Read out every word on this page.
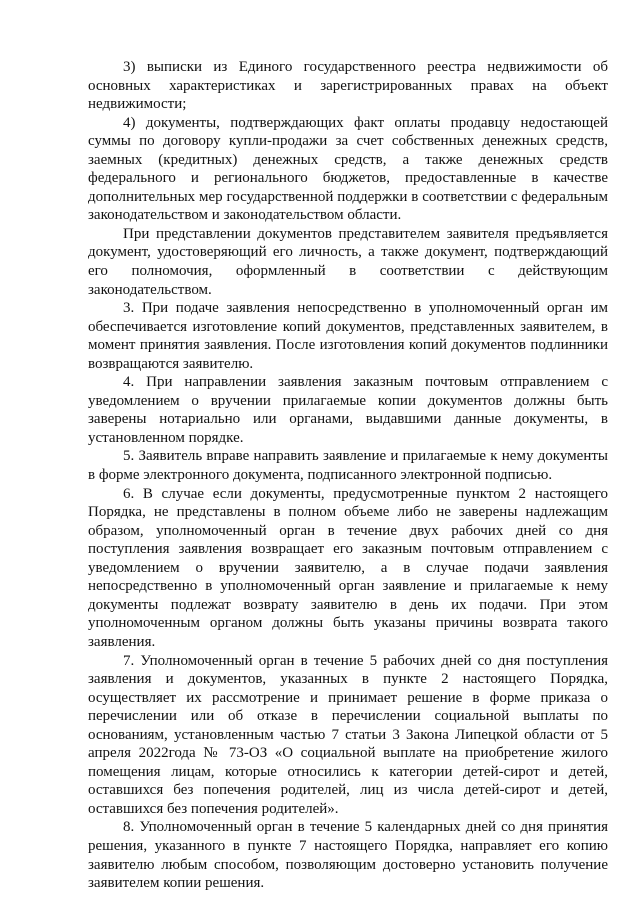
3) выписки из Единого государственного реестра недвижимости об основных характеристиках и зарегистрированных правах на объект недвижимости;

4) документы, подтверждающих факт оплаты продавцу недостающей суммы по договору купли-продажи за счет собственных денежных средств, заемных (кредитных) денежных средств, а также денежных средств федерального и регионального бюджетов, предоставленные в качестве дополнительных мер государственной поддержки в соответствии с федеральным законодательством и законодательством области.

При представлении документов представителем заявителя предъявляется документ, удостоверяющий его личность, а также документ, подтверждающий его полномочия, оформленный в соответствии с действующим законодательством.

3. При подаче заявления непосредственно в уполномоченный орган им обеспечивается изготовление копий документов, представленных заявителем, в момент принятия заявления. После изготовления копий документов подлинники возвращаются заявителю.

4. При направлении заявления заказным почтовым отправлением с уведомлением о вручении прилагаемые копии документов должны быть заверены нотариально или органами, выдавшими данные документы, в установленном порядке.

5. Заявитель вправе направить заявление и прилагаемые к нему документы в форме электронного документа, подписанного электронной подписью.

6. В случае если документы, предусмотренные пунктом 2 настоящего Порядка, не представлены в полном объеме либо не заверены надлежащим образом, уполномоченный орган в течение двух рабочих дней со дня поступления заявления возвращает его заказным почтовым отправлением с уведомлением о вручении заявителю, а в случае подачи заявления непосредственно в уполномоченный орган заявление и прилагаемые к нему документы подлежат возврату заявителю в день их подачи. При этом уполномоченным органом должны быть указаны причины возврата такого заявления.

7. Уполномоченный орган в течение 5 рабочих дней со дня поступления заявления и документов, указанных в пункте 2 настоящего Порядка, осуществляет их рассмотрение и принимает решение в форме приказа о перечислении или об отказе в перечислении социальной выплаты по основаниям, установленным частью 7 статьи 3 Закона Липецкой области от 5 апреля 2022года № 73-ОЗ «О социальной выплате на приобретение жилого помещения лицам, которые относились к категории детей-сирот и детей, оставшихся без попечения родителей, лиц из числа детей-сирот и детей, оставшихся без попечения родителей».

8. Уполномоченный орган в течение 5 календарных дней со дня принятия решения, указанного в пункте 7 настоящего Порядка, направляет его копию заявителю любым способом, позволяющим достоверно установить получение заявителем копии решения.
